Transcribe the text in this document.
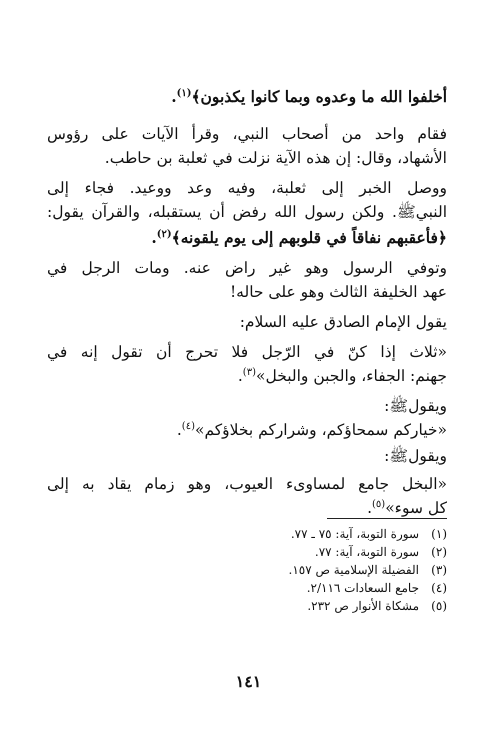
أخلفوا الله ما وعدوه وبما كانوا يكذبون﴾$^{(١)}$.
فقام واحد من أصحاب النبي، وقرأ الآيات على رؤوس
الأشهاد، وقال: إن هذه الآية نزلت في ثعلبة بن حاطب.
ووصل الخبر إلى ثعلبة، وفيه وعد ووعيد. فجاء إلى
النبيﷺ. ولكن رسول الله رفض أن يستقبله، والقرآن يقول:
﴿فأعقبهم نفاقاً في قلوبهم إلى يوم يلقونه﴾$^{(٢)}$.
وتوفي الرسول وهو غير راض عنه. ومات الرجل في
عهد الخليفة الثالث وهو على حاله!
يقول الإمام الصادق عليه السلام:
«ثلاث إذا كنّ في الرّجل فلا تحرج أن تقول إنه في
جهنم: الجفاء، والجبن والبخل»$^{(٣)}$.
ويقولﷺ:
«خياركم سمحاؤكم، وشراركم بخلاؤكم»$^{(٤)}$.
ويقولﷺ:
«البخل جامع لمساوىء العيوب، وهو زمام يقاد به إلى
كل سوء»$^{(٥)}$.
(١)سورة التوبة، آية: ٧٥ ـ ٧٧.
(٢)سورة التوبة، آية: ٧٧.
(٣)الفضيلة الإسلامية ص ١٥٧.
(٤)جامع السعادات ٢/١١٦.
(٥)مشكاة الأنوار ص ٢٣٢.
١٤١
